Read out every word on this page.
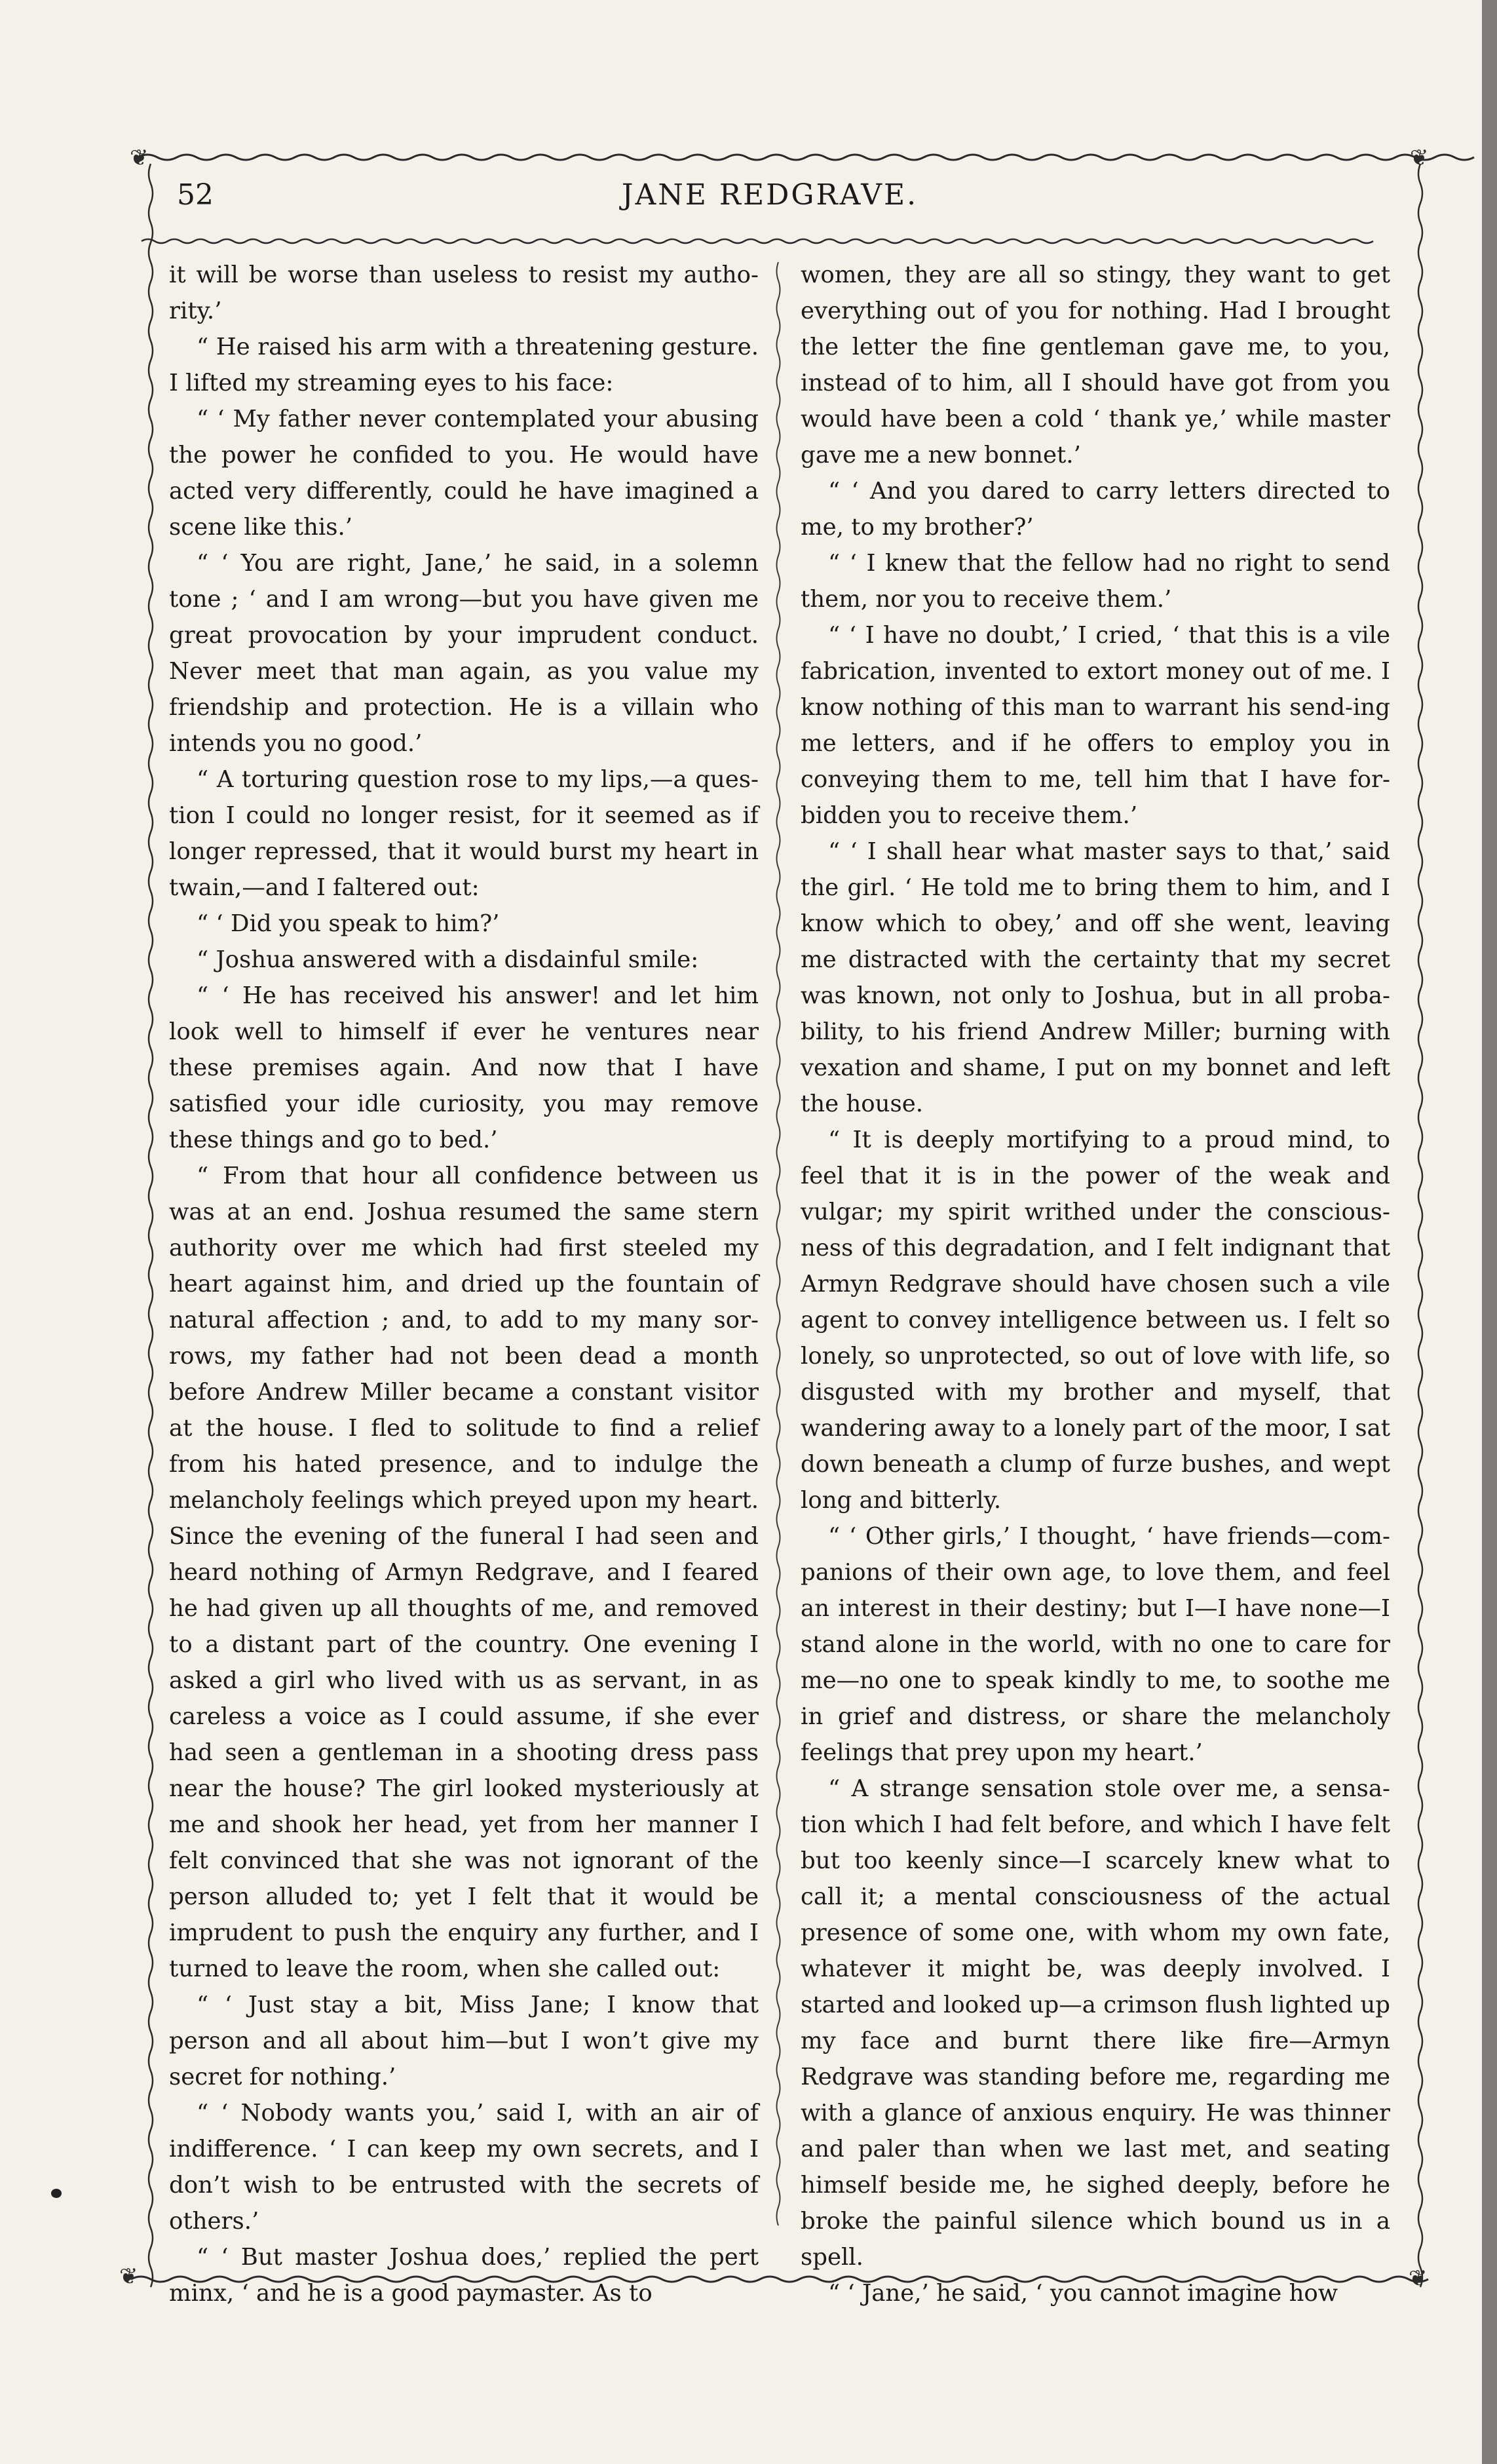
❦	❦
❦	❦
52	JANE REDGRAVE.

it will be worse than useless to resist my autho-rity.’

“ He raised his arm with a threatening gesture. I lifted my streaming eyes to his face:

“ ‘ My father never contemplated your abusing the power he confided to you. He would have acted very differently, could he have imagined a scene like this.’

“ ‘ You are right, Jane,’ he said, in a solemn tone ; ‘ and I am wrong—but you have given me great provocation by your imprudent conduct. Never meet that man again, as you value my friendship and protection. He is a villain who intends you no good.’

“ A torturing question rose to my lips,—a ques-tion I could no longer resist, for it seemed as if longer repressed, that it would burst my heart in twain,—and I faltered out:

“ ‘ Did you speak to him?’

“ Joshua answered with a disdainful smile:

“ ‘ He has received his answer! and let him look well to himself if ever he ventures near these premises again. And now that I have satisfied your idle curiosity, you may remove these things and go to bed.’

“ From that hour all confidence between us was at an end. Joshua resumed the same stern authority over me which had first steeled my heart against him, and dried up the fountain of natural affection ; and, to add to my many sor-rows, my father had not been dead a month before Andrew Miller became a constant visitor at the house. I fled to solitude to find a relief from his hated presence, and to indulge the melancholy feelings which preyed upon my heart. Since the evening of the funeral I had seen and heard nothing of Armyn Redgrave, and I feared he had given up all thoughts of me, and removed to a distant part of the country. One evening I asked a girl who lived with us as servant, in as careless a voice as I could assume, if she ever had seen a gentleman in a shooting dress pass near the house? The girl looked mysteriously at me and shook her head, yet from her manner I felt convinced that she was not ignorant of the person alluded to; yet I felt that it would be imprudent to push the enquiry any further, and I turned to leave the room, when she called out:

“ ‘ Just stay a bit, Miss Jane; I know that person and all about him—but I won’t give my secret for nothing.’

“ ‘ Nobody wants you,’ said I, with an air of indifference. ‘ I can keep my own secrets, and I don’t wish to be entrusted with the secrets of others.’

“ ‘ But master Joshua does,’ replied the pert minx, ‘ and he is a good paymaster. As to

women, they are all so stingy, they want to get everything out of you for nothing. Had I brought the letter the fine gentleman gave me, to you, instead of to him, all I should have got from you would have been a cold ‘ thank ye,’ while master gave me a new bonnet.’

“ ‘ And you dared to carry letters directed to me, to my brother?’

“ ‘ I knew that the fellow had no right to send them, nor you to receive them.’

“ ‘ I have no doubt,’ I cried, ‘ that this is a vile fabrication, invented to extort money out of me. I know nothing of this man to warrant his send-ing me letters, and if he offers to employ you in conveying them to me, tell him that I have for-bidden you to receive them.’

“ ‘ I shall hear what master says to that,’ said the girl. ‘ He told me to bring them to him, and I know which to obey,’ and off she went, leaving me distracted with the certainty that my secret was known, not only to Joshua, but in all proba-bility, to his friend Andrew Miller; burning with vexation and shame, I put on my bonnet and left the house.

“ It is deeply mortifying to a proud mind, to feel that it is in the power of the weak and vulgar; my spirit writhed under the conscious-ness of this degradation, and I felt indignant that Armyn Redgrave should have chosen such a vile agent to convey intelligence between us. I felt so lonely, so unprotected, so out of love with life, so disgusted with my brother and myself, that wandering away to a lonely part of the moor, I sat down beneath a clump of furze bushes, and wept long and bitterly.

“ ‘ Other girls,’ I thought, ‘ have friends—com-panions of their own age, to love them, and feel an interest in their destiny; but I—I have none—I stand alone in the world, with no one to care for me—no one to speak kindly to me, to soothe me in grief and distress, or share the melancholy feelings that prey upon my heart.’

“ A strange sensation stole over me, a sensa-tion which I had felt before, and which I have felt but too keenly since—I scarcely knew what to call it; a mental consciousness of the actual presence of some one, with whom my own fate, whatever it might be, was deeply involved. I started and looked up—a crimson flush lighted up my face and burnt there like fire—Armyn Redgrave was standing before me, regarding me with a glance of anxious enquiry. He was thinner and paler than when we last met, and seating himself beside me, he sighed deeply, before he broke the painful silence which bound us in a spell.

“ ‘ Jane,’ he said, ‘ you cannot imagine how
